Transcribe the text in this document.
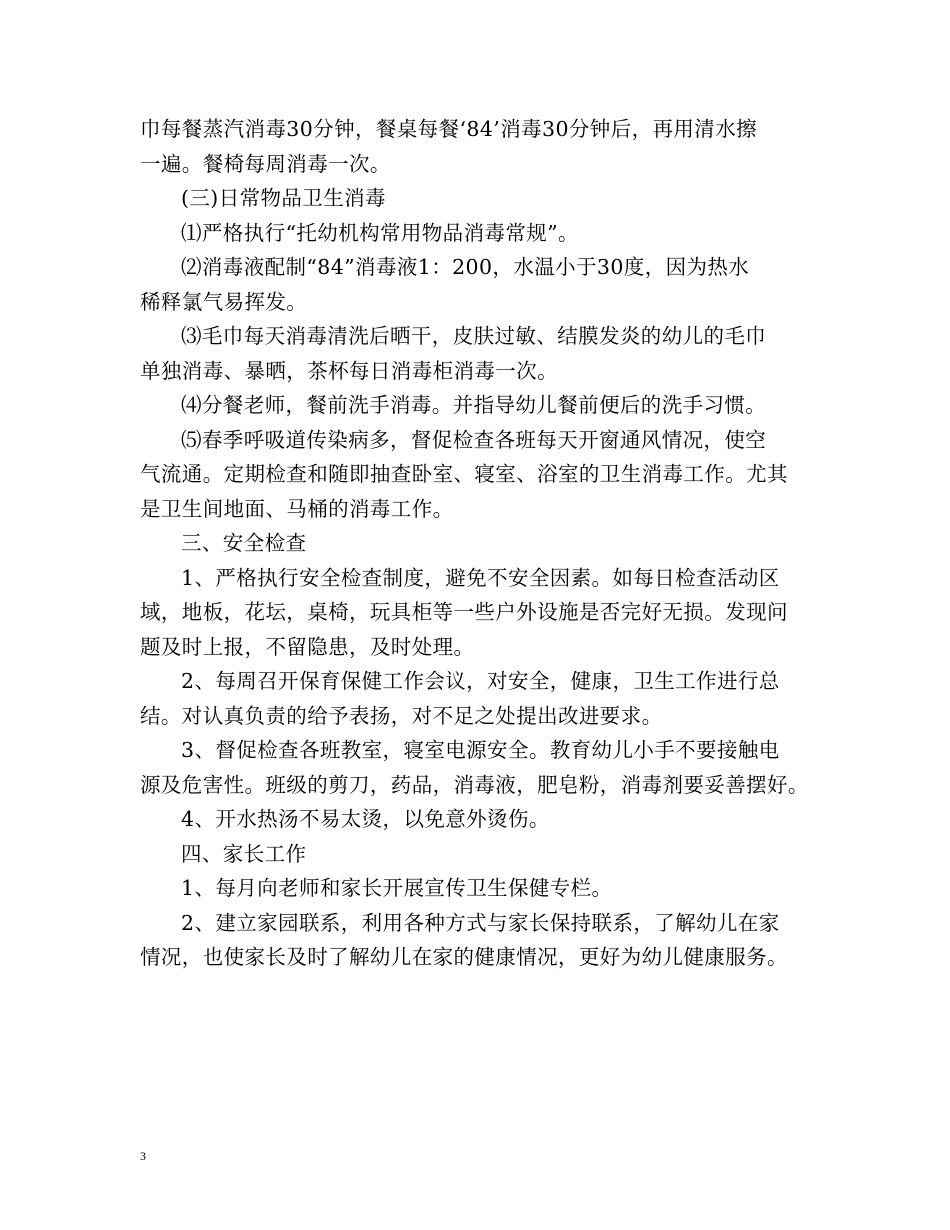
巾每餐蒸汽消毒30分钟，餐桌每餐‘84’消毒30分钟后，再用清水擦

一遍。餐椅每周消毒一次。

(三)日常物品卫生消毒

⑴严格执行“托幼机构常用物品消毒常规”。

⑵消毒液配制“84”消毒液1：200，水温小于30度，因为热水

稀释氯气易挥发。

⑶毛巾每天消毒清洗后晒干，皮肤过敏、结膜发炎的幼儿的毛巾

单独消毒、暴晒，茶杯每日消毒柜消毒一次。

⑷分餐老师，餐前洗手消毒。并指导幼儿餐前便后的洗手习惯。

⑸春季呼吸道传染病多，督促检查各班每天开窗通风情况，使空

气流通。定期检查和随即抽查卧室、寝室、浴室的卫生消毒工作。尤其

是卫生间地面、马桶的消毒工作。

三、安全检查

1、严格执行安全检查制度，避免不安全因素。如每日检查活动区

域，地板，花坛，桌椅，玩具柜等一些户外设施是否完好无损。发现问

题及时上报，不留隐患，及时处理。

2、每周召开保育保健工作会议，对安全，健康，卫生工作进行总

结。对认真负责的给予表扬，对不足之处提出改进要求。

3、督促检查各班教室，寝室电源安全。教育幼儿小手不要接触电

源及危害性。班级的剪刀，药品，消毒液，肥皂粉，消毒剂要妥善摆好。

4、开水热汤不易太烫，以免意外烫伤。

四、家长工作

1、每月向老师和家长开展宣传卫生保健专栏。

2、建立家园联系，利用各种方式与家长保持联系，了解幼儿在家

情况，也使家长及时了解幼儿在家的健康情况，更好为幼儿健康服务。

3
